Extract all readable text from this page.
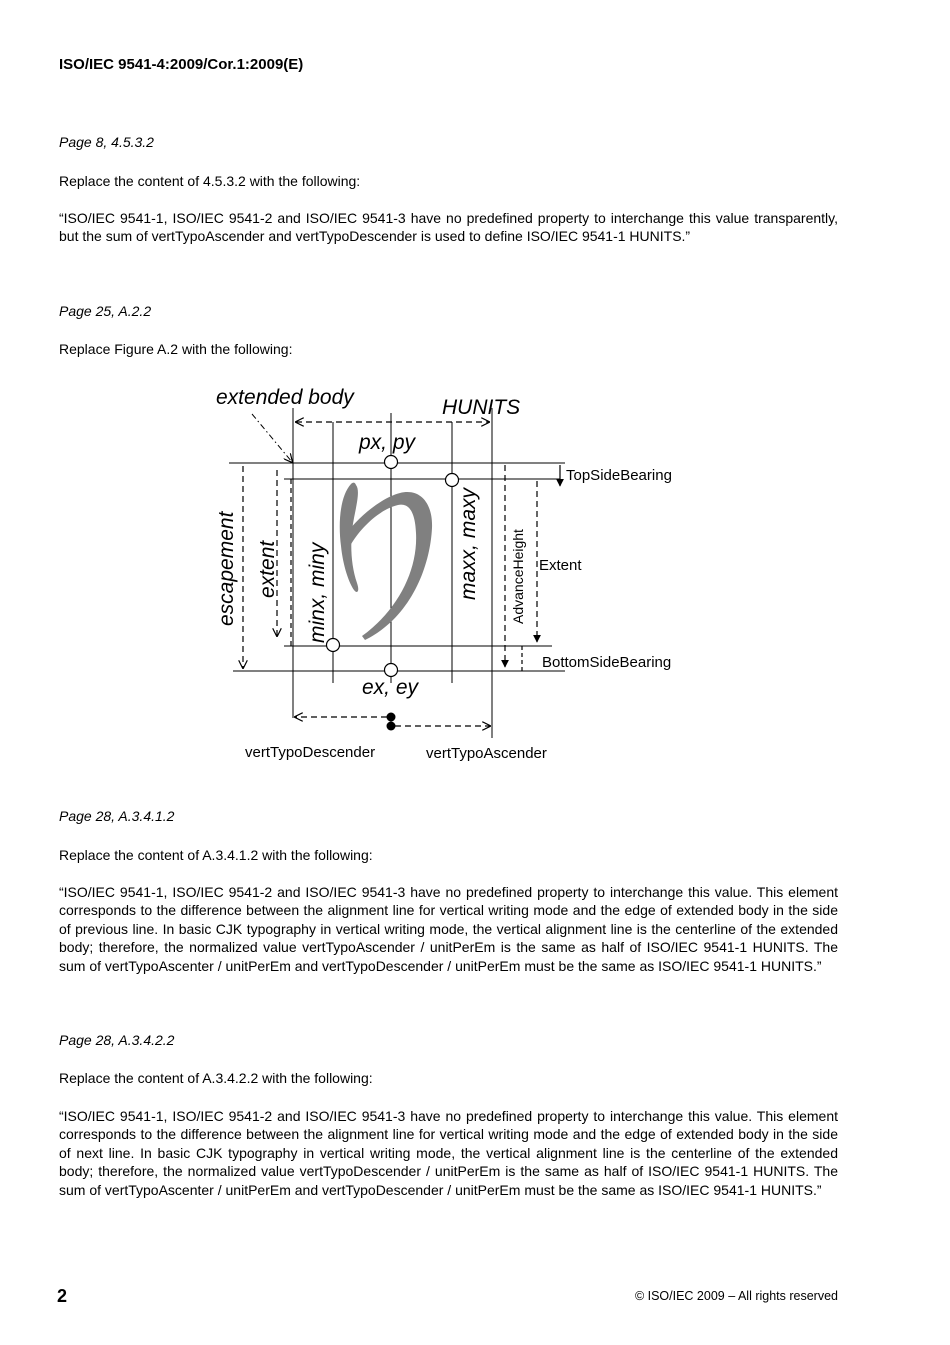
ISO/IEC 9541-4:2009/Cor.1:2009(E)
Page 8, 4.5.3.2
Replace the content of 4.5.3.2 with the following:
“ISO/IEC 9541-1, ISO/IEC 9541-2 and ISO/IEC 9541-3 have no predefined property to interchange this value transparently, but the sum of vertTypoAscender and vertTypoDescender is used to define ISO/IEC 9541-1 HUNITS.”
Page 25, A.2.2
Replace Figure A.2 with the following:
extended body	HUNITS
px, py
TopSideBearing
Extent
BottomSideBearing
ex, ey
vertTypoDescender	vertTypoAscender
escapement extent minx, miny	maxx, maxy AdvanceHeight
Page 28, A.3.4.1.2
Replace the content of A.3.4.1.2 with the following:
“ISO/IEC 9541-1, ISO/IEC 9541-2 and ISO/IEC 9541-3 have no predefined property to interchange this value. This element corresponds to the difference between the alignment line for vertical writing mode and the edge of extended body in the side of previous line. In basic CJK typography in vertical writing mode, the vertical alignment line is the centerline of the extended body; therefore, the normalized value vertTypoAscender / unitPerEm is the same as half of ISO/IEC 9541-1 HUNITS. The sum of vertTypoAscenter / unitPerEm and vertTypoDescender / unitPerEm must be the same as ISO/IEC 9541-1 HUNITS.”
Page 28, A.3.4.2.2
Replace the content of A.3.4.2.2 with the following:
“ISO/IEC 9541-1, ISO/IEC 9541-2 and ISO/IEC 9541-3 have no predefined property to interchange this value. This element corresponds to the difference between the alignment line for vertical writing mode and the edge of extended body in the side of next line. In basic CJK typography in vertical writing mode, the vertical alignment line is the centerline of the extended body; therefore, the normalized value vertTypoDescender / unitPerEm is the same as half of ISO/IEC 9541-1 HUNITS. The sum of vertTypoAscenter / unitPerEm and vertTypoDescender / unitPerEm must be the same as ISO/IEC 9541-1 HUNITS.”
2	© ISO/IEC 2009 – All rights reserved
